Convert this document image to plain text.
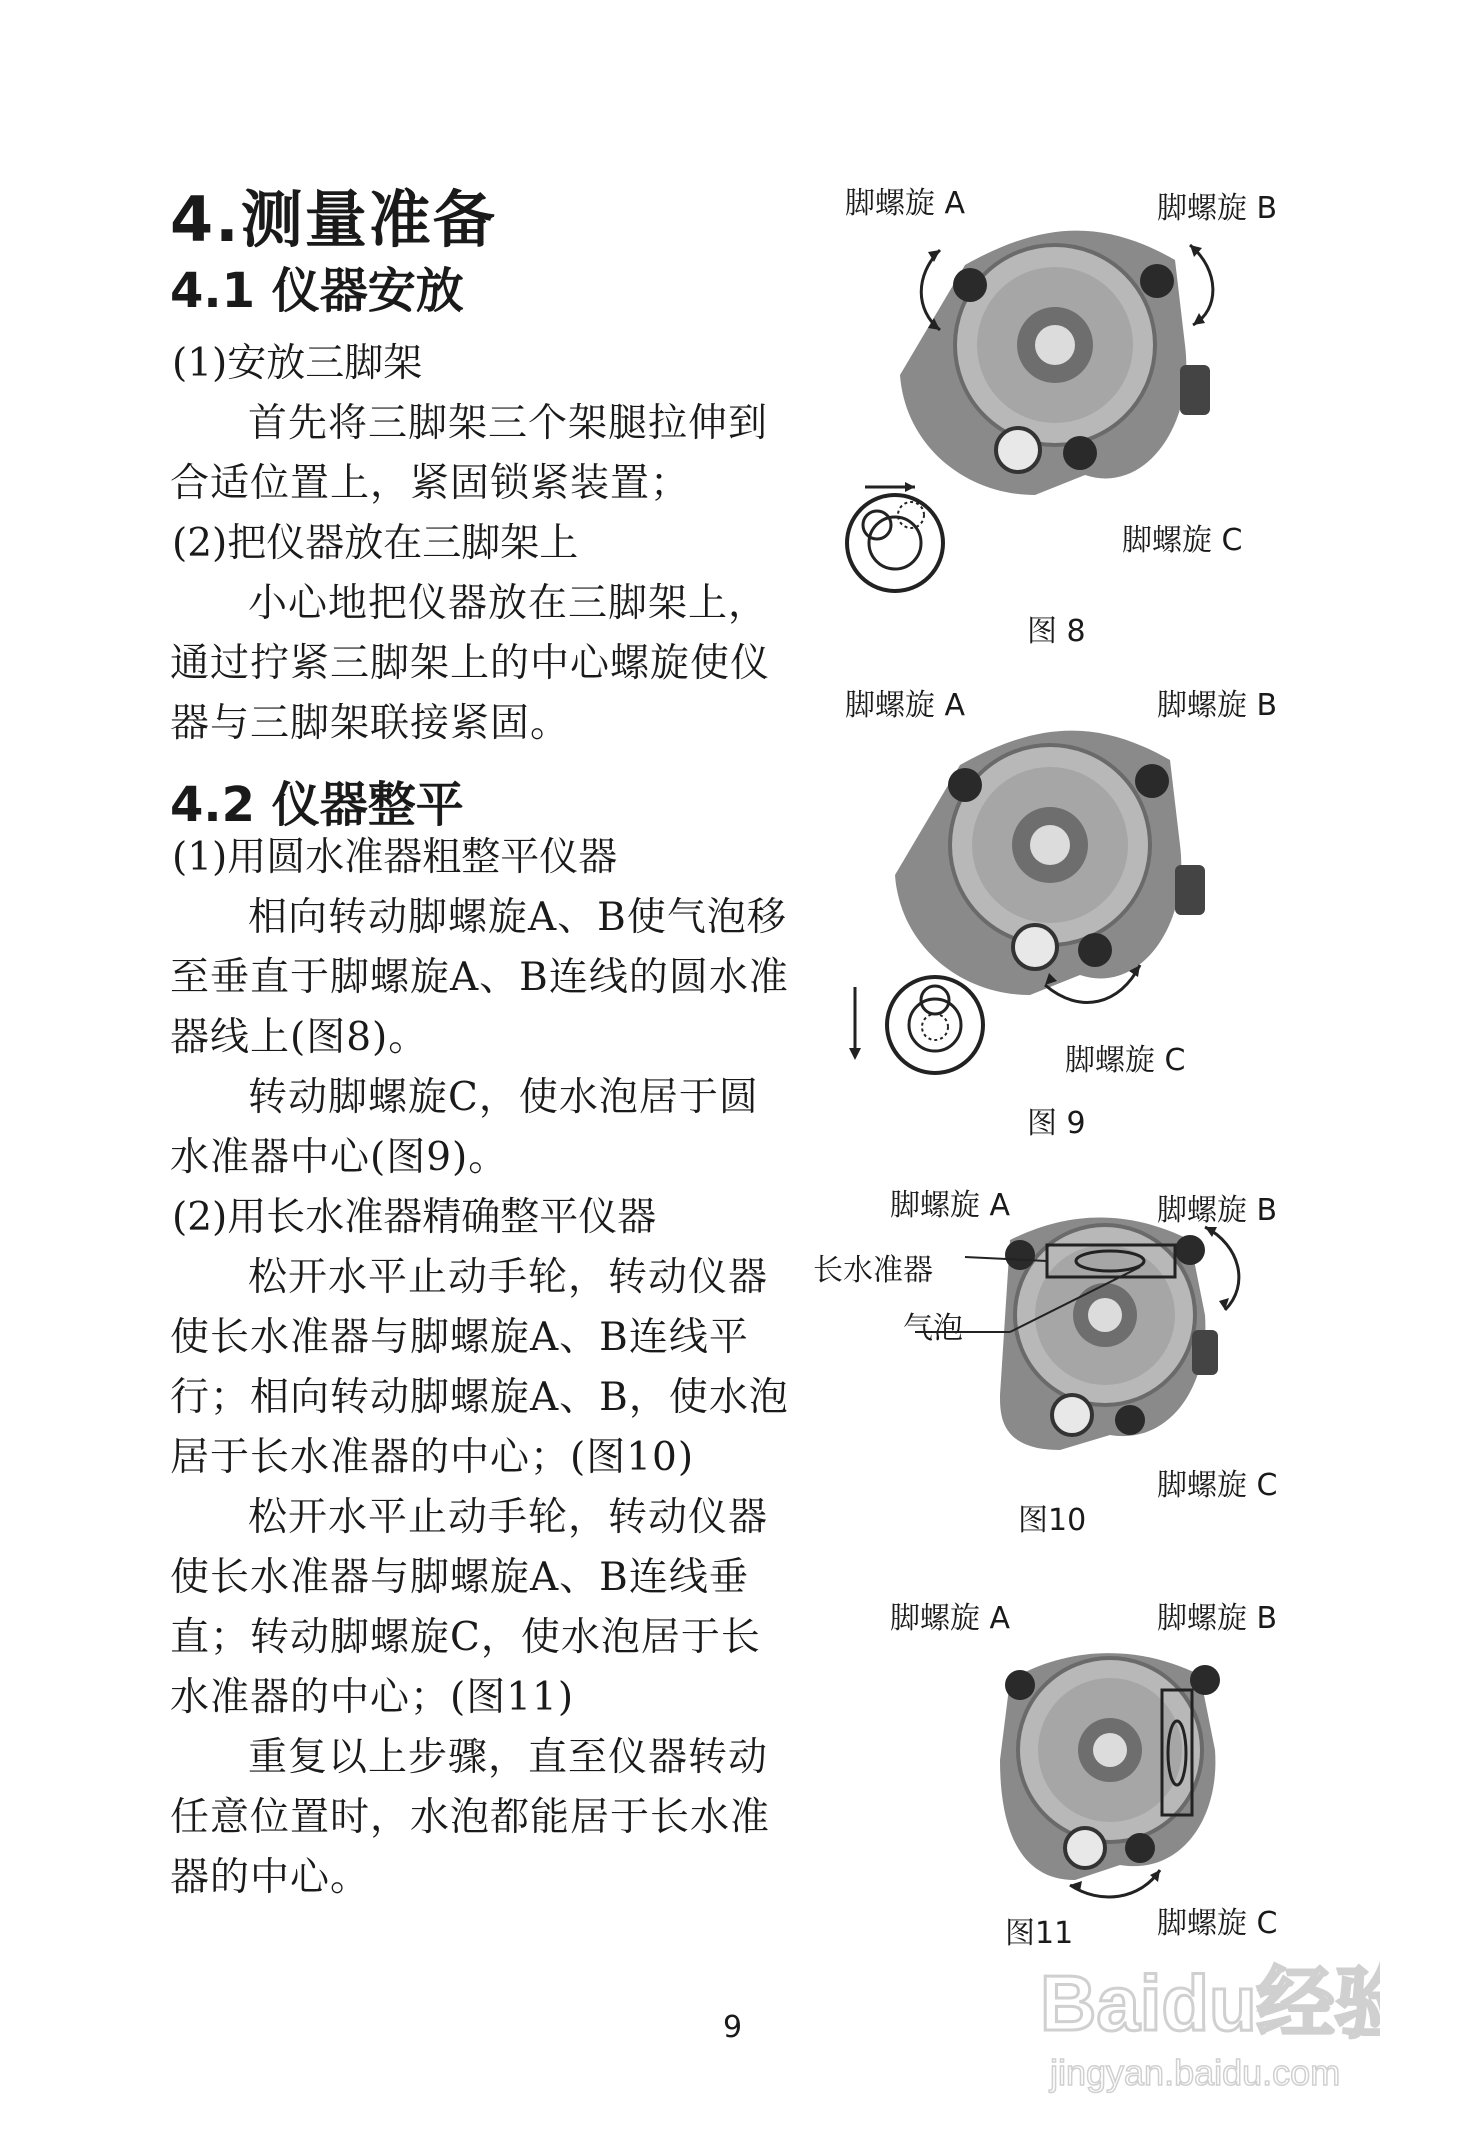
4.测量准备
4.1 仪器安放
(1)安放三脚架
首先将三脚架三个架腿拉伸到合适位置上，紧固锁紧装置；
(2)把仪器放在三脚架上
小心地把仪器放在三脚架上，通过拧紧三脚架上的中心螺旋使仪器与三脚架联接紧固。
4.2 仪器整平
(1)用圆水准器粗整平仪器
相向转动脚螺旋A、B使气泡移至垂直于脚螺旋A、B连线的圆水准器线上(图8)。
转动脚螺旋C，使水泡居于圆水准器中心(图9)。
(2)用长水准器精确整平仪器
松开水平止动手轮，转动仪器使长水准器与脚螺旋A、B连线平行；相向转动脚螺旋A、B，使水泡居于长水准器的中心；(图10)
松开水平止动手轮，转动仪器使长水准器与脚螺旋A、B连线垂直；转动脚螺旋C，使水泡居于长水准器的中心；(图11)
重复以上步骤，直至仪器转动任意位置时，水泡都能居于长水准器的中心。
脚螺旋 A	脚螺旋 B
脚螺旋 C
图 8
脚螺旋 A	脚螺旋 B
脚螺旋 C
图 9
脚螺旋 A	脚螺旋 B
长水准器
气泡
脚螺旋 C
图10
脚螺旋 A	脚螺旋 B
脚螺旋 C
图11
9	Baidu经验
jingyan.baidu.com
